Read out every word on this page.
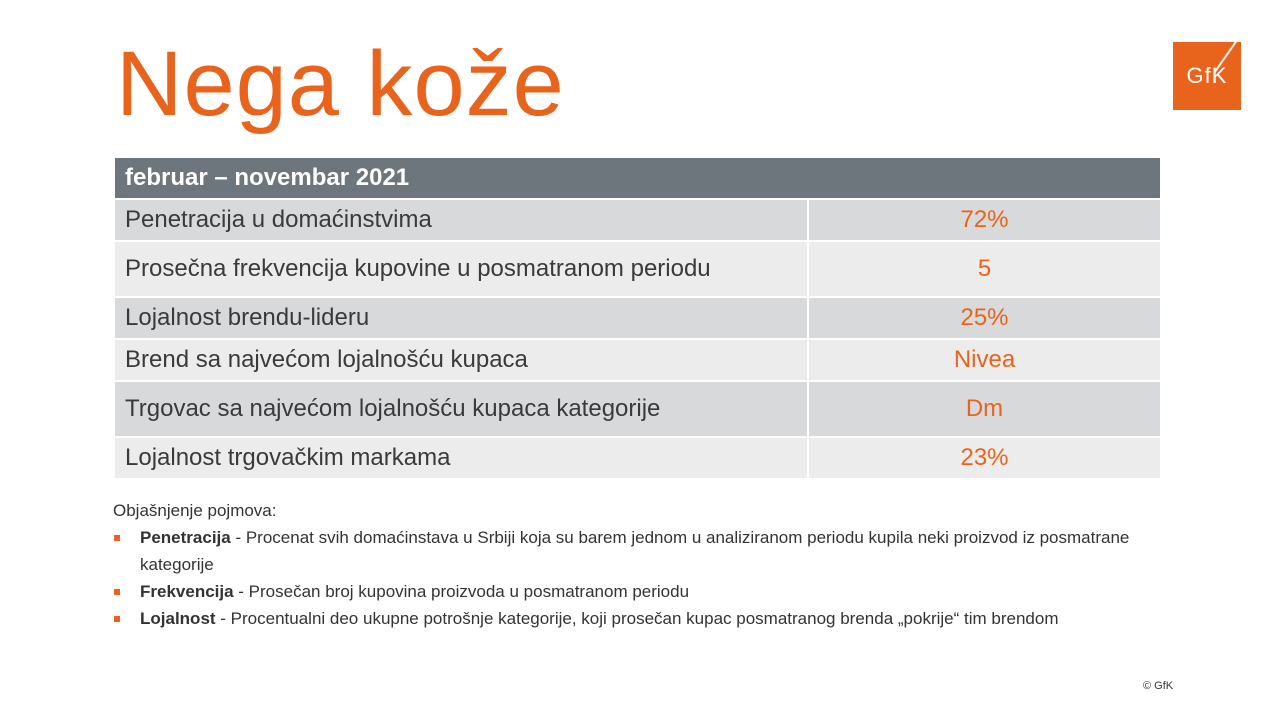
Nega kože	GfK
februar – novembar 2021	
Penetracija u domaćinstvima	72%
Prosečna frekvencija kupovine u posmatranom periodu	5
Lojalnost brendu-lideru	25%
Brend sa najvećom lojalnošću kupaca	Nivea
Trgovac sa najvećom lojalnošću kupaca kategorije	Dm
Lojalnost trgovačkim markama	23%
Objašnjenje pojmova:
Penetracija - Procenat svih domaćinstava u Srbiji koja su barem jednom u analiziranom periodu kupila neki proizvod iz posmatrane kategorije
Frekvencija - Prosečan broj kupovina proizvoda u posmatranom periodu
Lojalnost - Procentualni deo ukupne potrošnje kategorije, koji prosečan kupac posmatranog brenda „pokrije“ tim brendom
© GfK
